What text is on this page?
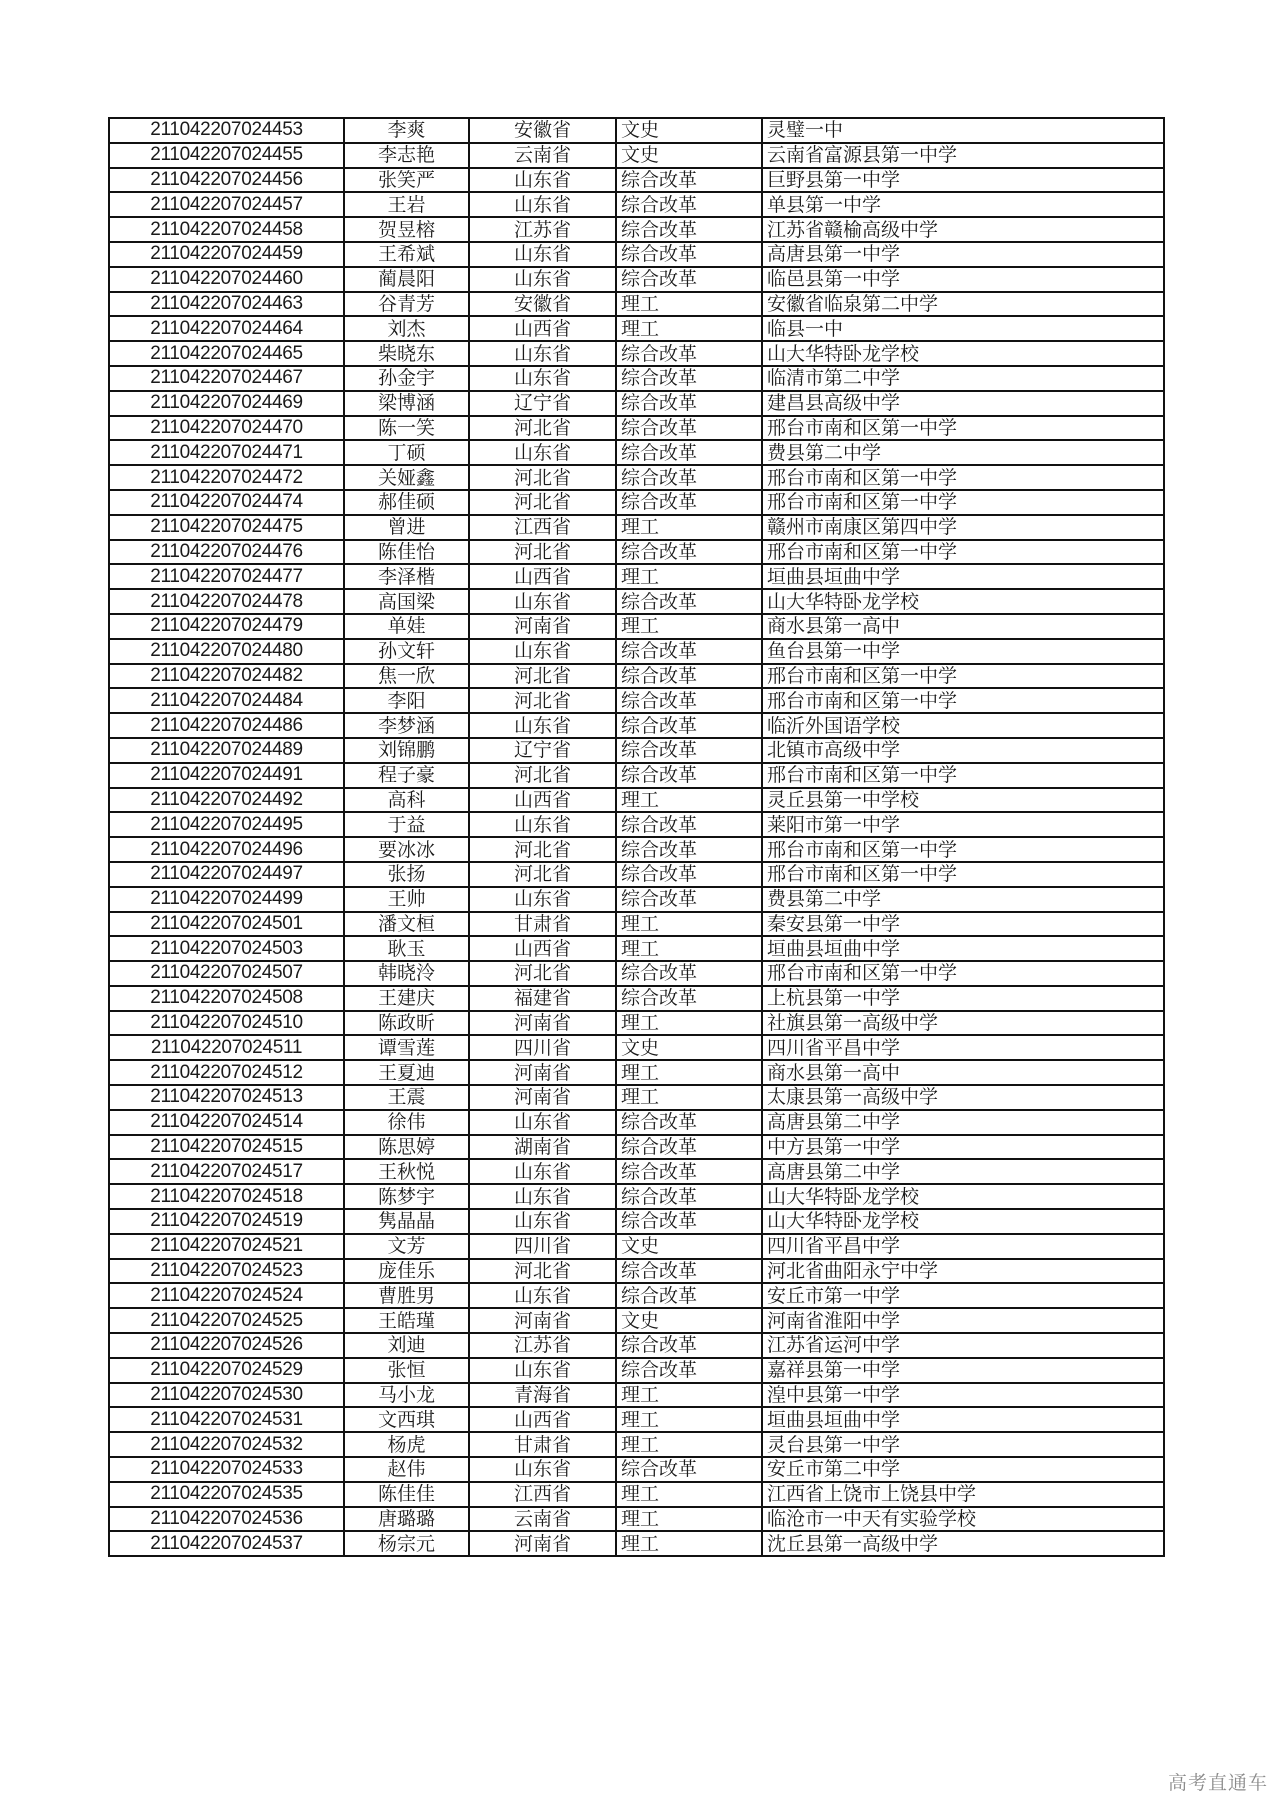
211042207024453	李爽	安徽省	文史	灵璧一中
211042207024455	李志艳	云南省	文史	云南省富源县第一中学
211042207024456	张笑严	山东省	综合改革	巨野县第一中学
211042207024457	王岩	山东省	综合改革	单县第一中学
211042207024458	贺昱榕	江苏省	综合改革	江苏省赣榆高级中学
211042207024459	王希斌	山东省	综合改革	高唐县第一中学
211042207024460	蔺晨阳	山东省	综合改革	临邑县第一中学
211042207024463	谷青芳	安徽省	理工	安徽省临泉第二中学
211042207024464	刘杰	山西省	理工	临县一中
211042207024465	柴晓东	山东省	综合改革	山大华特卧龙学校
211042207024467	孙金宇	山东省	综合改革	临清市第二中学
211042207024469	梁博涵	辽宁省	综合改革	建昌县高级中学
211042207024470	陈一笑	河北省	综合改革	邢台市南和区第一中学
211042207024471	丁硕	山东省	综合改革	费县第二中学
211042207024472	关娅鑫	河北省	综合改革	邢台市南和区第一中学
211042207024474	郝佳硕	河北省	综合改革	邢台市南和区第一中学
211042207024475	曾进	江西省	理工	赣州市南康区第四中学
211042207024476	陈佳怡	河北省	综合改革	邢台市南和区第一中学
211042207024477	李泽楷	山西省	理工	垣曲县垣曲中学
211042207024478	高国梁	山东省	综合改革	山大华特卧龙学校
211042207024479	单娃	河南省	理工	商水县第一高中
211042207024480	孙文轩	山东省	综合改革	鱼台县第一中学
211042207024482	焦一欣	河北省	综合改革	邢台市南和区第一中学
211042207024484	李阳	河北省	综合改革	邢台市南和区第一中学
211042207024486	李梦涵	山东省	综合改革	临沂外国语学校
211042207024489	刘锦鹏	辽宁省	综合改革	北镇市高级中学
211042207024491	程子豪	河北省	综合改革	邢台市南和区第一中学
211042207024492	高科	山西省	理工	灵丘县第一中学校
211042207024495	于益	山东省	综合改革	莱阳市第一中学
211042207024496	要冰冰	河北省	综合改革	邢台市南和区第一中学
211042207024497	张扬	河北省	综合改革	邢台市南和区第一中学
211042207024499	王帅	山东省	综合改革	费县第二中学
211042207024501	潘文桓	甘肃省	理工	秦安县第一中学
211042207024503	耿玉	山西省	理工	垣曲县垣曲中学
211042207024507	韩晓泠	河北省	综合改革	邢台市南和区第一中学
211042207024508	王建庆	福建省	综合改革	上杭县第一中学
211042207024510	陈政昕	河南省	理工	社旗县第一高级中学
211042207024511	谭雪莲	四川省	文史	四川省平昌中学
211042207024512	王夏迪	河南省	理工	商水县第一高中
211042207024513	王震	河南省	理工	太康县第一高级中学
211042207024514	徐伟	山东省	综合改革	高唐县第二中学
211042207024515	陈思婷	湖南省	综合改革	中方县第一中学
211042207024517	王秋悦	山东省	综合改革	高唐县第二中学
211042207024518	陈梦宇	山东省	综合改革	山大华特卧龙学校
211042207024519	隽晶晶	山东省	综合改革	山大华特卧龙学校
211042207024521	文芳	四川省	文史	四川省平昌中学
211042207024523	庞佳乐	河北省	综合改革	河北省曲阳永宁中学
211042207024524	曹胜男	山东省	综合改革	安丘市第一中学
211042207024525	王皓瑾	河南省	文史	河南省淮阳中学
211042207024526	刘迪	江苏省	综合改革	江苏省运河中学
211042207024529	张恒	山东省	综合改革	嘉祥县第一中学
211042207024530	马小龙	青海省	理工	湟中县第一中学
211042207024531	文西琪	山西省	理工	垣曲县垣曲中学
211042207024532	杨虎	甘肃省	理工	灵台县第一中学
211042207024533	赵伟	山东省	综合改革	安丘市第二中学
211042207024535	陈佳佳	江西省	理工	江西省上饶市上饶县中学
211042207024536	唐璐璐	云南省	理工	临沧市一中天有实验学校
211042207024537	杨宗元	河南省	理工	沈丘县第一高级中学
高考直通车
